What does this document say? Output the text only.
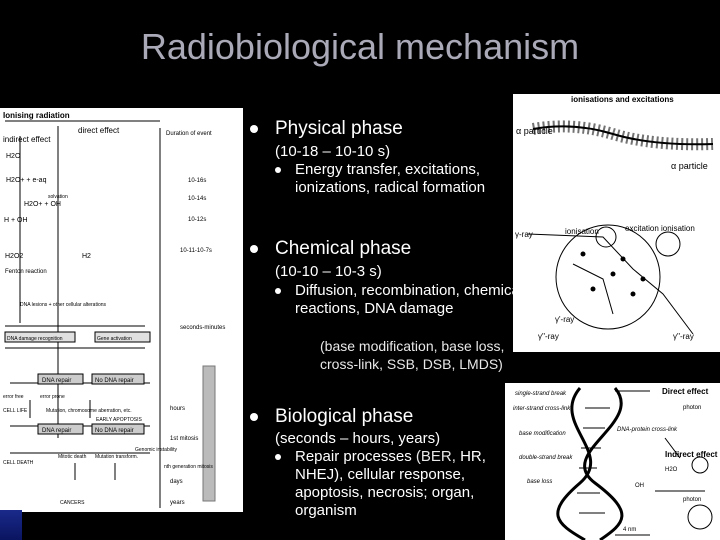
Radiobiological mechanism
Ionising radiation
direct effect
indirect effect
Duration of event
H2O
H2O+ + e-aq
solvation
H2O+ + OH
H + OH
10-16s
10-14s
10-12s
10-11-10-7s
H2O2	H2
Fenton reaction
DNA lesions + other cellular alterations
DNA damage recognition	Gene activation
seconds-minutes
DNA repair	No DNA repair
error free	error prone
CELL LIFE	Mutation, chromosome aberration, etc.
EARLY APOPTOSIS
hours
DNA repair	No DNA repair
1st mitosis
CELL DEATH
Mitotic death Mutation transform.
Genomic instability
nth generation mitosis
days
years
CANCERS
ionisations and excitations
α particle
α particle
γ-ray	ionisation	excitation ionisation
γ'-ray
γ''-ray	γ''-ray
Direct effect
single-strand break
photon
inter-strand cross-link
base modification
DNA-protein cross-link
double-strand break
base loss
Indirect effect
photon
OH
H2O
4 nm
Physical phase
(10-18 – 10-10 s)
Energy transfer, excitations, ionizations, radical formation
Chemical phase
(10-10 – 10-3 s)
Diffusion, recombination, chemical reactions, DNA damage
(base modification, base loss, cross-link, SSB, DSB, LMDS)
Biological phase
(seconds – hours, years)
Repair processes (BER, HR, NHEJ), cellular response, apoptosis, necrosis; organ, organism
